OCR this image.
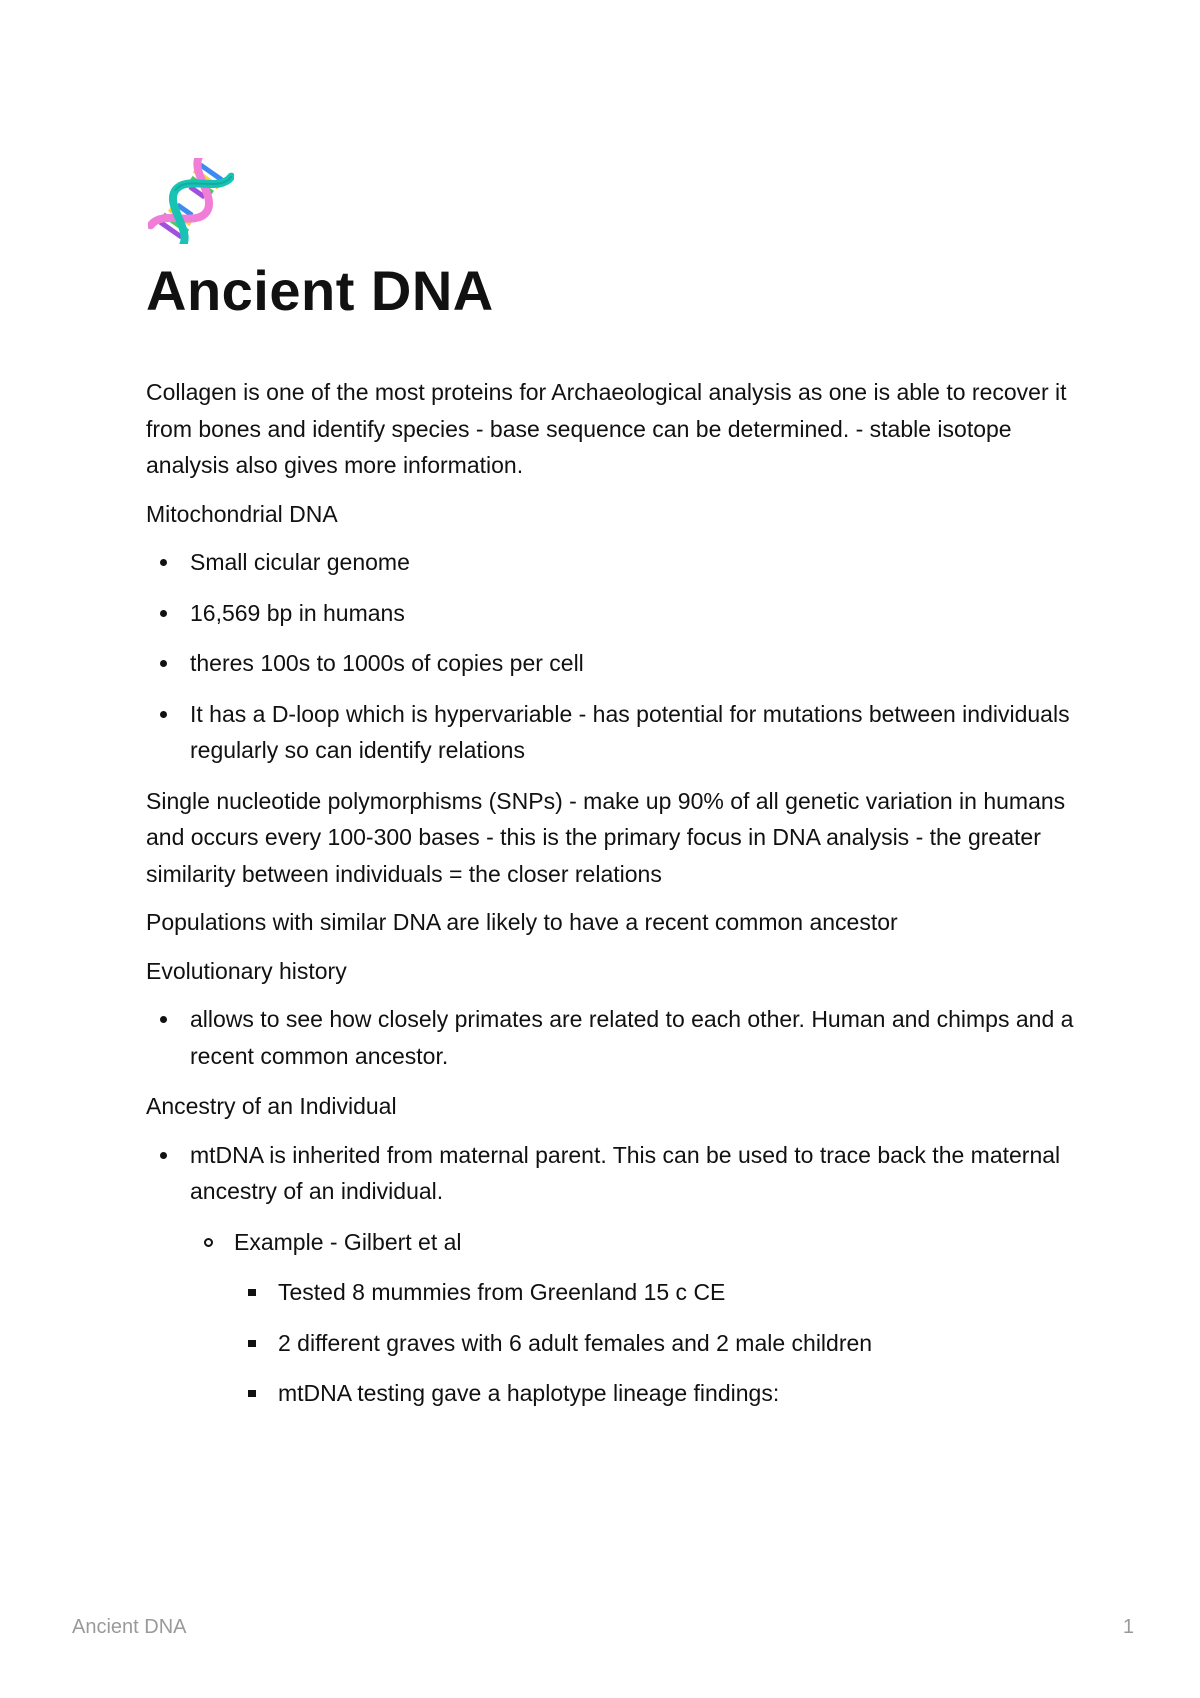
Ancient DNA

Collagen is one of the most proteins for Archaeological analysis as one is able to recover it from bones and identify species - base sequence can be determined. - stable isotope analysis also gives more information.

Mitochondrial DNA

Small cicular genome
16,569 bp in humans
theres 100s to 1000s of copies per cell
It has a D-loop which is hypervariable - has potential for mutations between individuals regularly so can identify relations

Single nucleotide polymorphisms (SNPs) - make up 90% of all genetic variation in humans and occurs every 100-300 bases - this is the primary focus in DNA analysis - the greater similarity between individuals = the closer relations

Populations with similar DNA are likely to have a recent common ancestor

Evolutionary history

allows to see how closely primates are related to each other. Human and chimps and a recent common ancestor.

Ancestry of an Individual

mtDNA is inherited from maternal parent. This can be used to trace back the maternal ancestry of an individual.
Example - Gilbert et al
Tested 8 mummies from Greenland 15 c CE
2 different graves with 6 adult females and 2 male children
mtDNA testing gave a haplotype lineage findings:
Ancient DNA	1
